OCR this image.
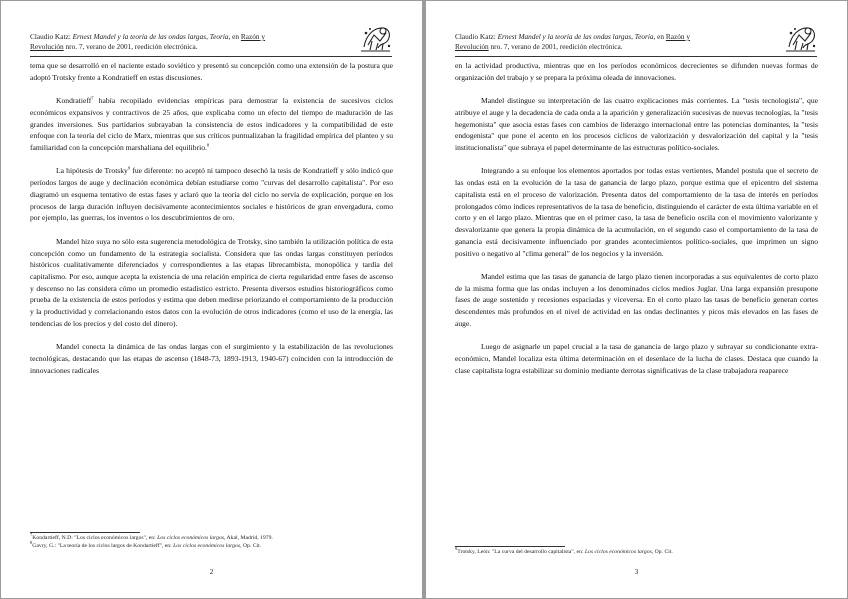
Claudio Katz: Ernest Mandel y la teoría de las ondas largas, Teoría, en Razón y
Revolución nro. 7, verano de 2001, reedición electrónica.

tema que se desarrolló en el naciente estado soviético y presentó su concepción como una extensión de la postura que adoptó Trotsky frente a Kondratieff en estas discusiones.

Kondratieff$^7$ había recopilado evidencias empíricas para demostrar la existencia de sucesivos ciclos económicos expansivos y contractivos de 25 años, que explicaba como un efecto del tiempo de maduración de las grandes inversiones. Sus partidarios subrayaban la consistencia de estos indicadores y la compatibilidad de este enfoque con la teoría del ciclo de Marx, mientras que sus críticos puntualizaban la fragilidad empírica del planteo y su familiaridad con la concepción marshaliana del equilibrio.$^8$

La hipótesis de Trotsky$^9$ fue diferente: no aceptó ni tampoco desechó la tesis de Kondratieff y sólo indicó que períodos largos de auge y declinación económica debían estudiarse como "curvas del desarrollo capitalista". Por eso diagramó un esquema tentativo de estas fases y aclaró que la teoría del ciclo no servía de explicación, porque en los procesos de larga duración influyen decisivamente acontecimientos sociales e históricos de gran envergadura, como por ejemplo, las guerras, los inventos o los descubrimientos de oro.

Mandel hizo suya no sólo esta sugerencia metodológica de Trotsky, sino también la utilización política de esta concepción como un fundamento de la estrategia socialista. Considera que las ondas largas constituyen períodos históricos cualitativamente diferenciados y correspondientes a las etapas librecambista, monopólica y tardía del capitalismo. Por eso, aunque acepta la existencia de una relación empírica de cierta regularidad entre fases de ascenso y descenso no las considera cómo un promedio estadístico estricto. Presenta diversos estudios historiográficos como prueba de la existencia de estos períodos y estima que deben medirse priorizando el comportamiento de la producción y la productividad y correlacionando estos datos con la evolución de otros indicadores (como el uso de la energía, las tendencias de los precios y del costo del dinero).

Mandel conecta la dinámica de las ondas largas con el surgimiento y la estabilización de las revoluciones tecnológicas, destacando que las etapas de ascenso (1848-73, 1893-1913, 1940-67) coinciden con la introducción de innovaciones radicales

$^7$Kondartieff, N.D: "Los ciclos económicos largos", en: Los ciclos económicos largos, Akal, Madrid, 1979.

$^8$Gavry, G.: "La teoría de los ciclos largos de Kondartieff", en: Los ciclos económicos largos, Op. Cit.

2
Claudio Katz: Ernest Mandel y la teoría de las ondas largas, Teoría, en Razón y
Revolución nro. 7, verano de 2001, reedición electrónica.

en la actividad productiva, mientras que en los períodos económicos decrecientes se difunden nuevas formas de organización del trabajo y se prepara la próxima oleada de innovaciones.

Mandel distingue su interpretación de las cuatro explicaciones más corrientes. La "tesis tecnologista", que atribuye el auge y la decadencia de cada onda a la aparición y generalización sucesivas de nuevas tecnologías, la "tesis hegemonista" que asocia estas fases con cambios de liderazgo internacional entre las potencias dominantes, la "tesis endogenista" que pone el acento en los procesos cíclicos de valorización y desvalorización del capital y la "tesis institucionalista" que subraya el papel determinante de las estructuras político-sociales.

Integrando a su enfoque los elementos aportados por todas estas vertientes, Mandel postula que el secreto de las ondas está en la evolución de la tasa de ganancia de largo plazo, porque estima que el epicentro del sistema capitalista está en el proceso de valorización. Presenta datos del comportamiento de la tasa de interés en períodos prolongados cómo índices representativos de la tasa de beneficio, distinguiendo el carácter de esta última variable en el corto y en el largo plazo. Mientras que en el primer caso, la tasa de beneficio oscila con el movimiento valorizante y desvalorizante que genera la propia dinámica de la acumulación, en el segundo caso el comportamiento de la tasa de ganancia está decisivamente influenciado por grandes acontecimientos político-sociales, que imprimen un signo positivo o negativo al "clima general" de los negocios y la inversión.

Mandel estima que las tasas de ganancia de largo plazo tienen incorporadas a sus equivalentes de corto plazo de la misma forma que las ondas incluyen a los denominados ciclos medios Juglar. Una larga expansión presupone fases de auge sostenido y recesiones espaciadas y viceversa. En el corto plazo las tasas de beneficio generan cortes descendentes más profundos en el nivel de actividad en las ondas declinantes y picos más elevados en las fases de auge.

Luego de asignarle un papel crucial a la tasa de ganancia de largo plazo y subrayar su condicionante extra-económico, Mandel localiza esta última determinación en el desenlace de la lucha de clases. Destaca que cuando la clase capitalista logra estabilizar su dominio mediante derrotas significativas de la clase trabajadora reaparece

$^9$Trotsky, León: "La curva del desarrollo capitalista", en: Los ciclos económicos largos, Op. Cit.

3
